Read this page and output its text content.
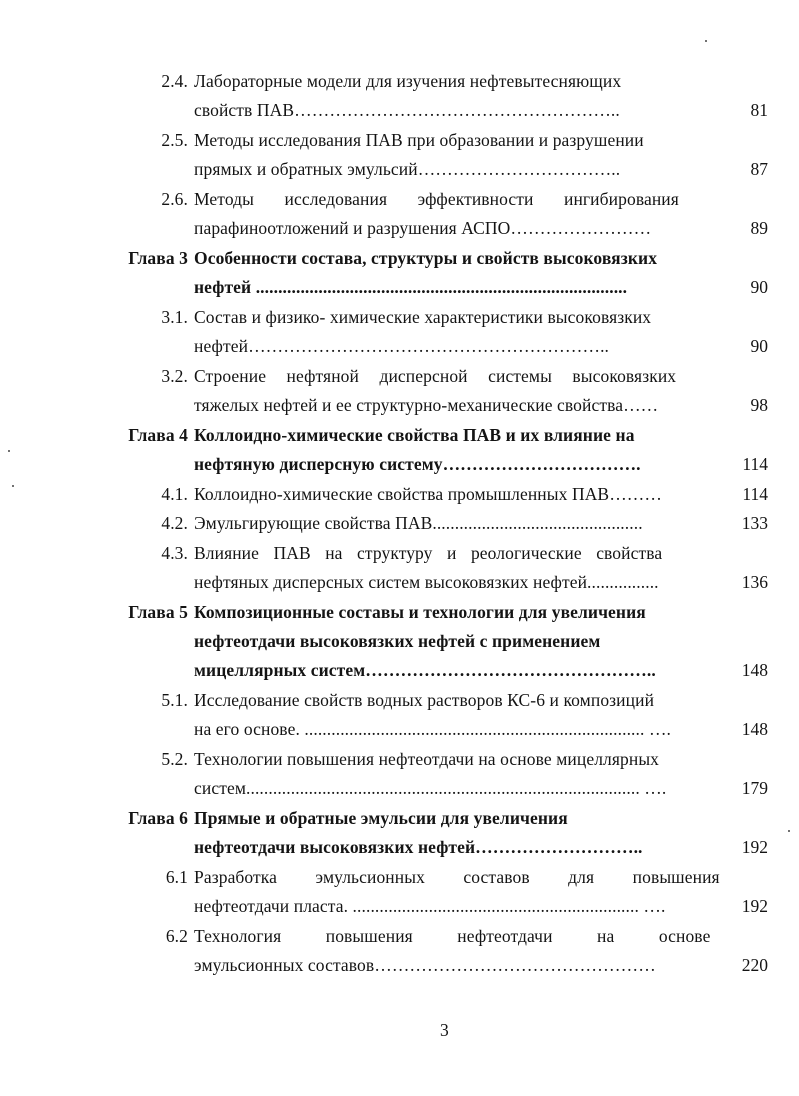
2.4. Лабораторные модели для изучения нефтевытесняющих
свойств ПАВ………………………………………………..	81
2.5. Методы исследования ПАВ при образовании и разрушении
прямых и обратных эмульсий……………………………..	87
2.6. Методы исследования эффективности ингибирования
парафиноотложений и разрушения АСПО……………………	89
Глава 3 Особенности состава, структуры и свойств высоковязких
нефтей ...................................................................................	90
3.1. Состав и физико- химические характеристики высоковязких
нефтей……………………………………………………..	90
3.2. Строение нефтяной дисперсной системы высоковязких
тяжелых нефтей и ее структурно-механические свойства……	98
Глава 4 Коллоидно-химические свойства ПАВ и их влияние на
нефтяную дисперсную систему…………………………….	114
4.1. Коллоидно-химические свойства промышленных ПАВ………	114
4.2. Эмульгирующие свойства ПАВ...............................................	133
4.3. Влияние ПАВ на структуру и реологические свойства
нефтяных дисперсных систем высоковязких нефтей................	136
Глава 5 Композиционные составы и технологии для увеличения
нефтеотдачи высоковязких нефтей с применением
мицеллярных систем…………………………………………..	148
5.1. Исследование свойств водных растворов КС-6 и композиций
на его основе. ............................................................................ ….	148
5.2. Технологии повышения нефтеотдачи на основе мицеллярных
систем........................................................................................ ….	179
Глава 6 Прямые и обратные эмульсии для увеличения
нефтеотдачи высоковязких нефтей………………………..	192
6.1 Разработка эмульсионных составов для повышения
нефтеотдачи пласта. ................................................................ ….	192
6.2 Технология повышения нефтеотдачи на основе
эмульсионных составов…………………………………………	220
3
